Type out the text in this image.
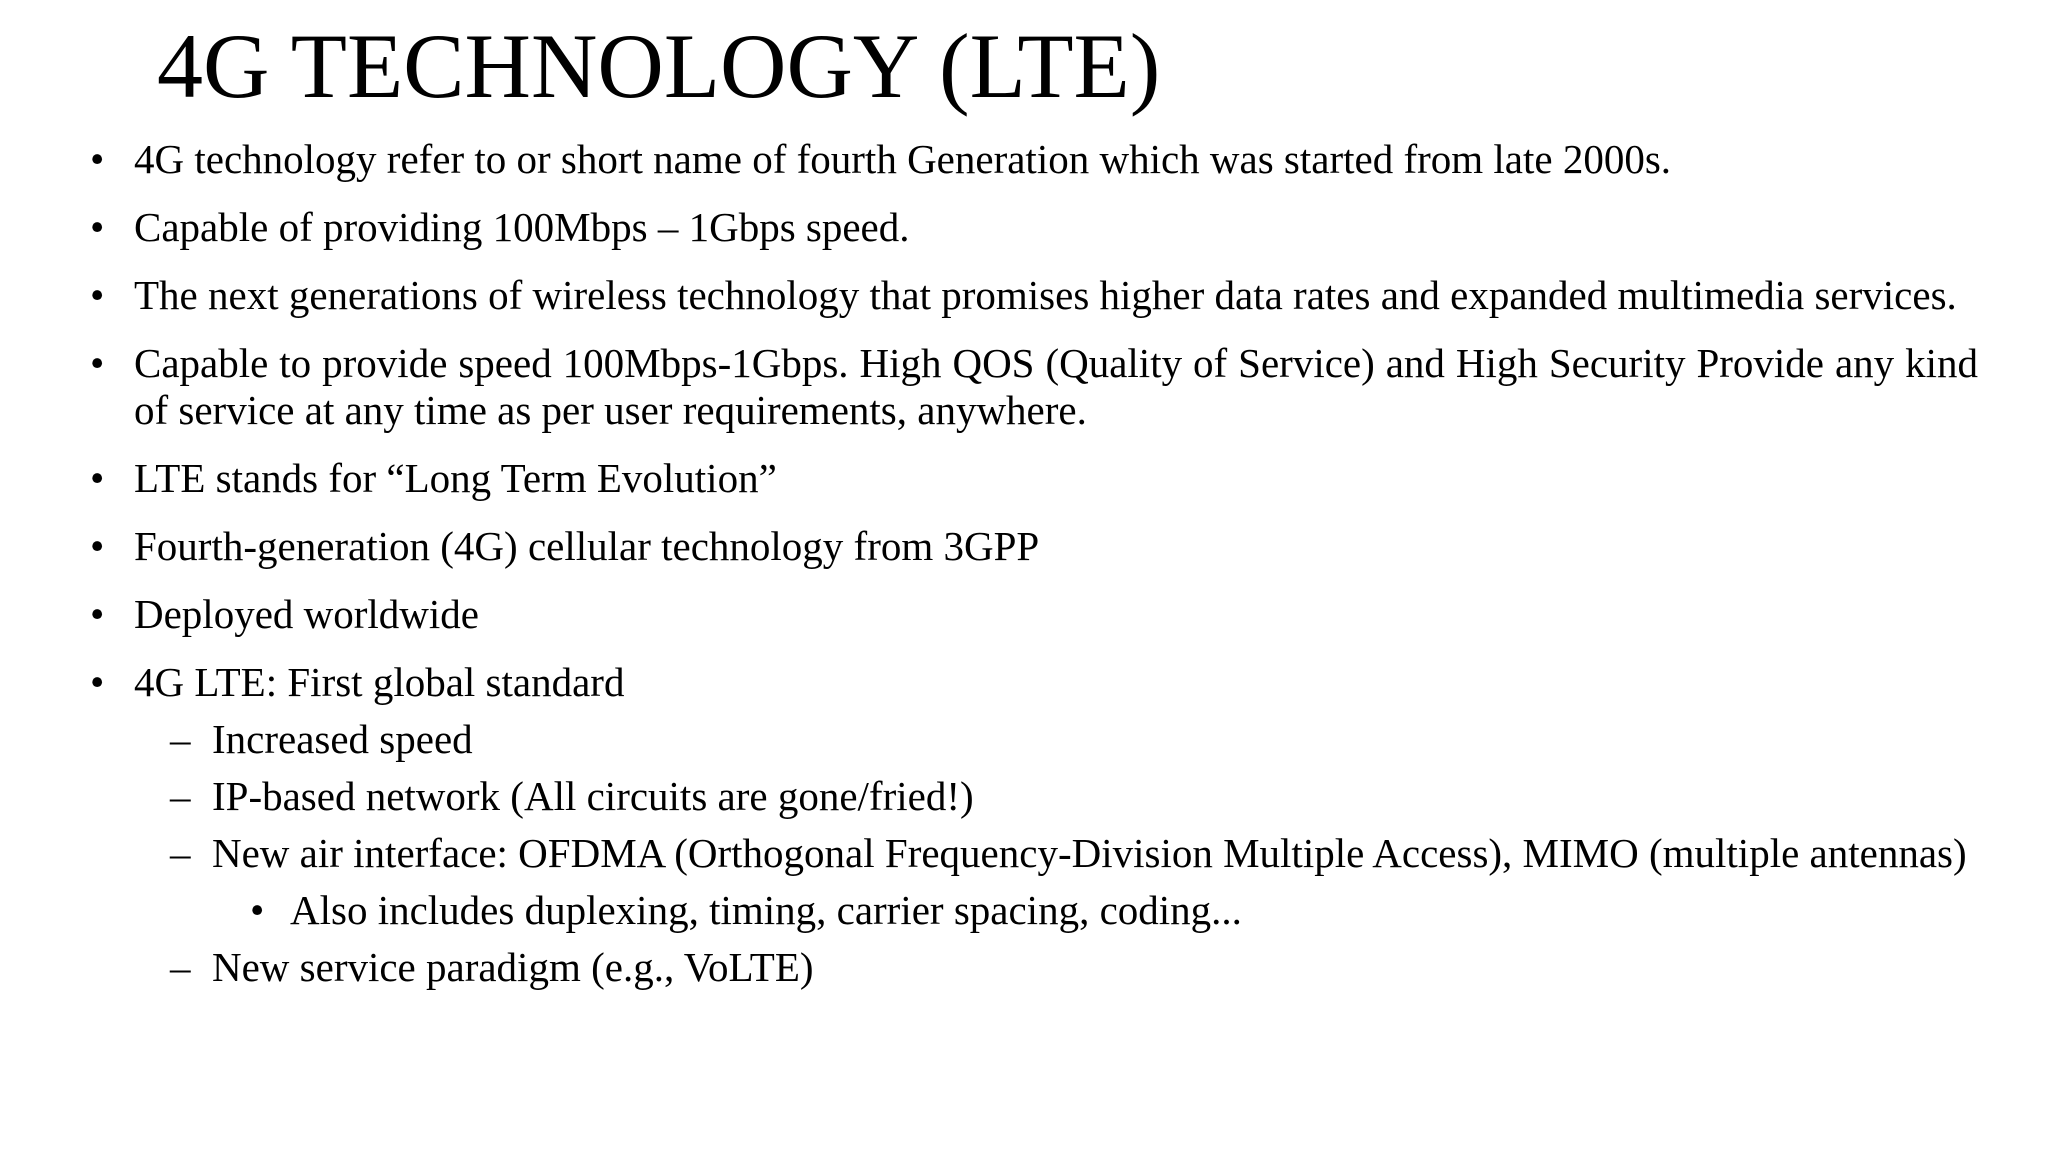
4G TECHNOLOGY (LTE)
• 4G technology refer to or short name of fourth Generation which was started from late 2000s.
• Capable of providing 100Mbps – 1Gbps speed.
• The next generations of wireless technology that promises higher data rates and expanded multimedia services.
• Capable to provide speed 100Mbps-1Gbps. High QOS (Quality of Service) and High Security Provide any kind of service at any time as per user requirements, anywhere.
• LTE stands for “Long Term Evolution”
• Fourth-generation (4G) cellular technology from 3GPP
• Deployed worldwide
• 4G LTE: First global standard
– Increased speed
– IP-based network (All circuits are gone/fried!)
– New air interface: OFDMA (Orthogonal Frequency-Division Multiple Access), MIMO (multiple antennas)
• Also includes duplexing, timing, carrier spacing, coding...
– New service paradigm (e.g., VoLTE)
